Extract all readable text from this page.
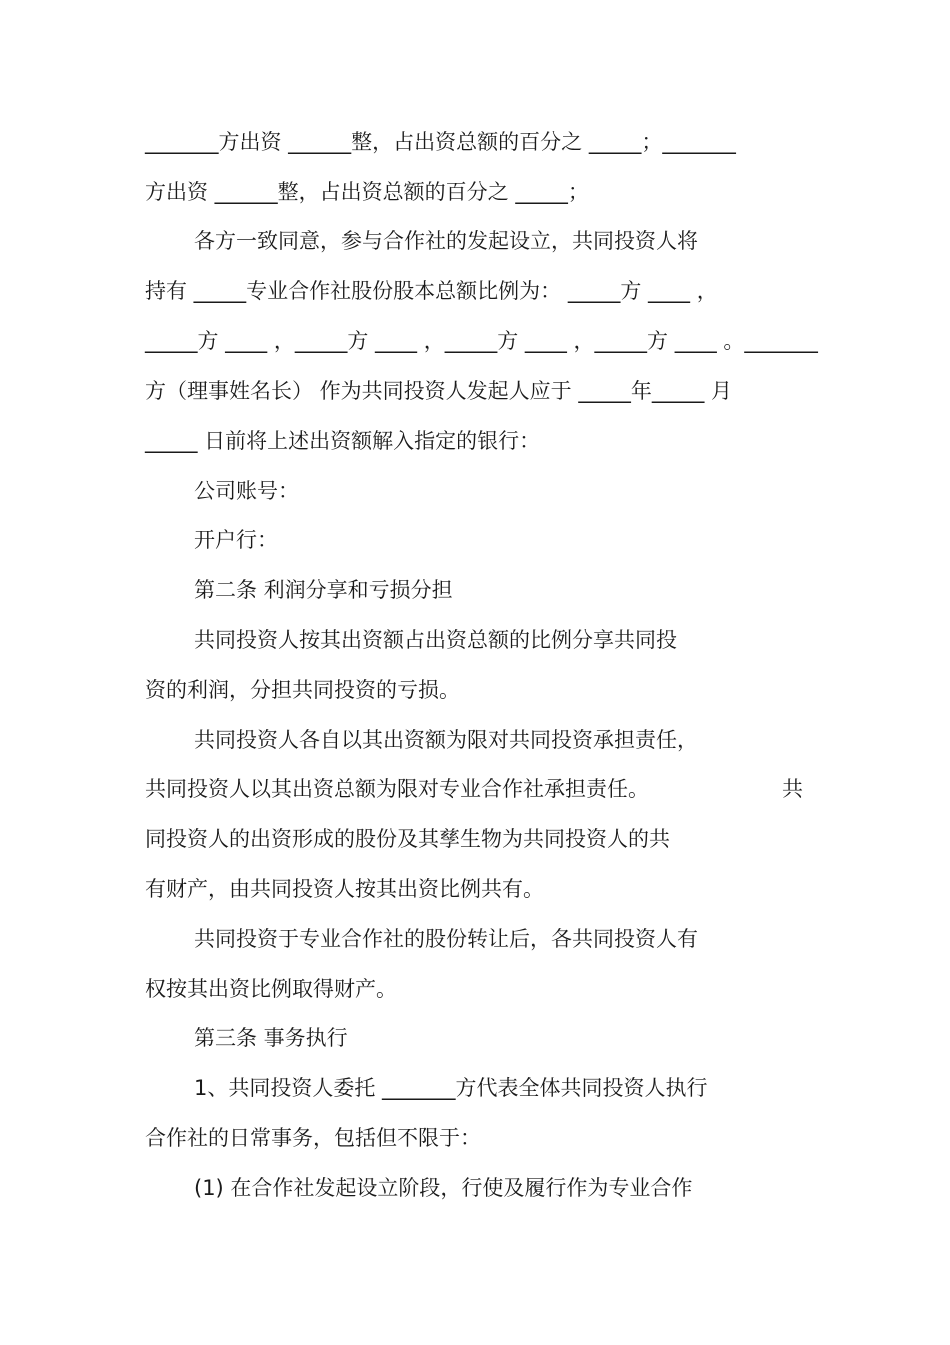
_______方出资 ______整，占出资总额的百分之 _____；_______
方出资 ______整，占出资总额的百分之 _____；
各方一致同意，参与合作社的发起设立，共同投资人将
持有 _____专业合作社股份股本总额比例为： _____方 ____ ，
_____方 ____ ，_____方 ____ ，_____方 ____ ，_____方 ____ 。_______
方（理事姓名长） 作为共同投资人发起人应于 _____年_____ 月
_____ 日前将上述出资额解入指定的银行：
公司账号：
开户行：
第二条 利润分享和亏损分担
共同投资人按其出资额占出资总额的比例分享共同投
资的利润，分担共同投资的亏损。
共同投资人各自以其出资额为限对共同投资承担责任，
共同投资人以其出资总额为限对专业合作社承担责任。	共
同投资人的出资形成的股份及其孳生物为共同投资人的共
有财产，由共同投资人按其出资比例共有。
共同投资于专业合作社的股份转让后，各共同投资人有
权按其出资比例取得财产。
第三条 事务执行
1、共同投资人委托 _______方代表全体共同投资人执行
合作社的日常事务，包括但不限于：
(1) 在合作社发起设立阶段，行使及履行作为专业合作
